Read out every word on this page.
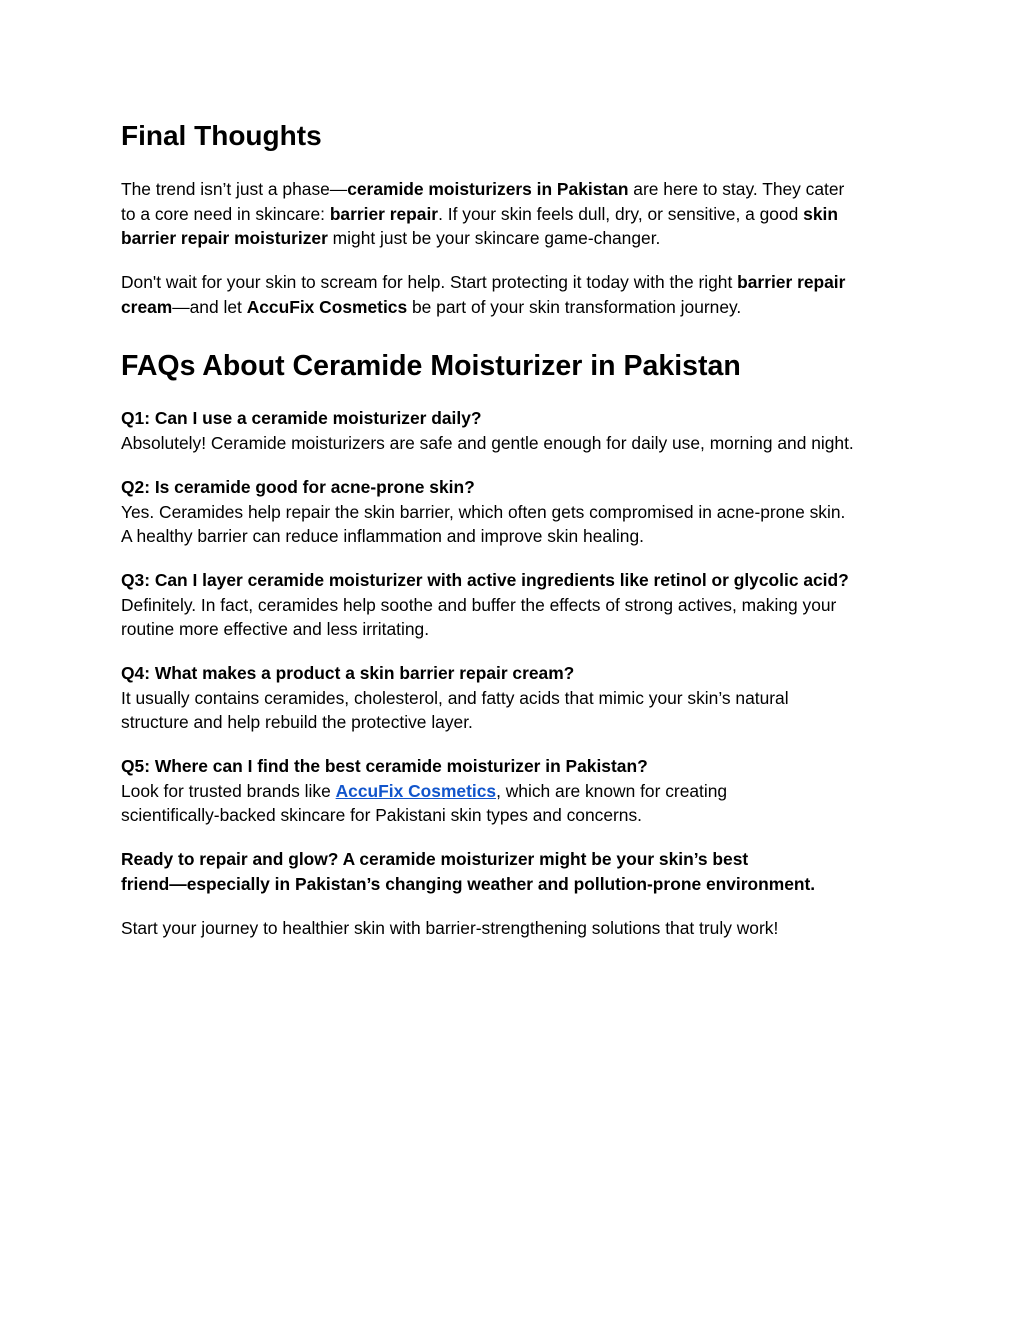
Final Thoughts
FAQs About Ceramide Moisturizer in Pakistan
The trend isn’t just a phase—ceramide moisturizers in Pakistan are here to stay. They cater
to a core need in skincare: barrier repair. If your skin feels dull, dry, or sensitive, a good skin
barrier repair moisturizer might just be your skincare game-changer.
Don't wait for your skin to scream for help. Start protecting it today with the right barrier repair
cream—and let AccuFix Cosmetics be part of your skin transformation journey.
Q1: Can I use a ceramide moisturizer daily?
Absolutely! Ceramide moisturizers are safe and gentle enough for daily use, morning and night.
Q2: Is ceramide good for acne-prone skin?
Yes. Ceramides help repair the skin barrier, which often gets compromised in acne-prone skin.
A healthy barrier can reduce inflammation and improve skin healing.
Q3: Can I layer ceramide moisturizer with active ingredients like retinol or glycolic acid?
Definitely. In fact, ceramides help soothe and buffer the effects of strong actives, making your
routine more effective and less irritating.
Q4: What makes a product a skin barrier repair cream?
It usually contains ceramides, cholesterol, and fatty acids that mimic your skin’s natural
structure and help rebuild the protective layer.
Q5: Where can I find the best ceramide moisturizer in Pakistan?
Look for trusted brands like AccuFix Cosmetics, which are known for creating
scientifically-backed skincare for Pakistani skin types and concerns.
Ready to repair and glow? A ceramide moisturizer might be your skin’s best
friend—especially in Pakistan’s changing weather and pollution-prone environment.
Start your journey to healthier skin with barrier-strengthening solutions that truly work!
